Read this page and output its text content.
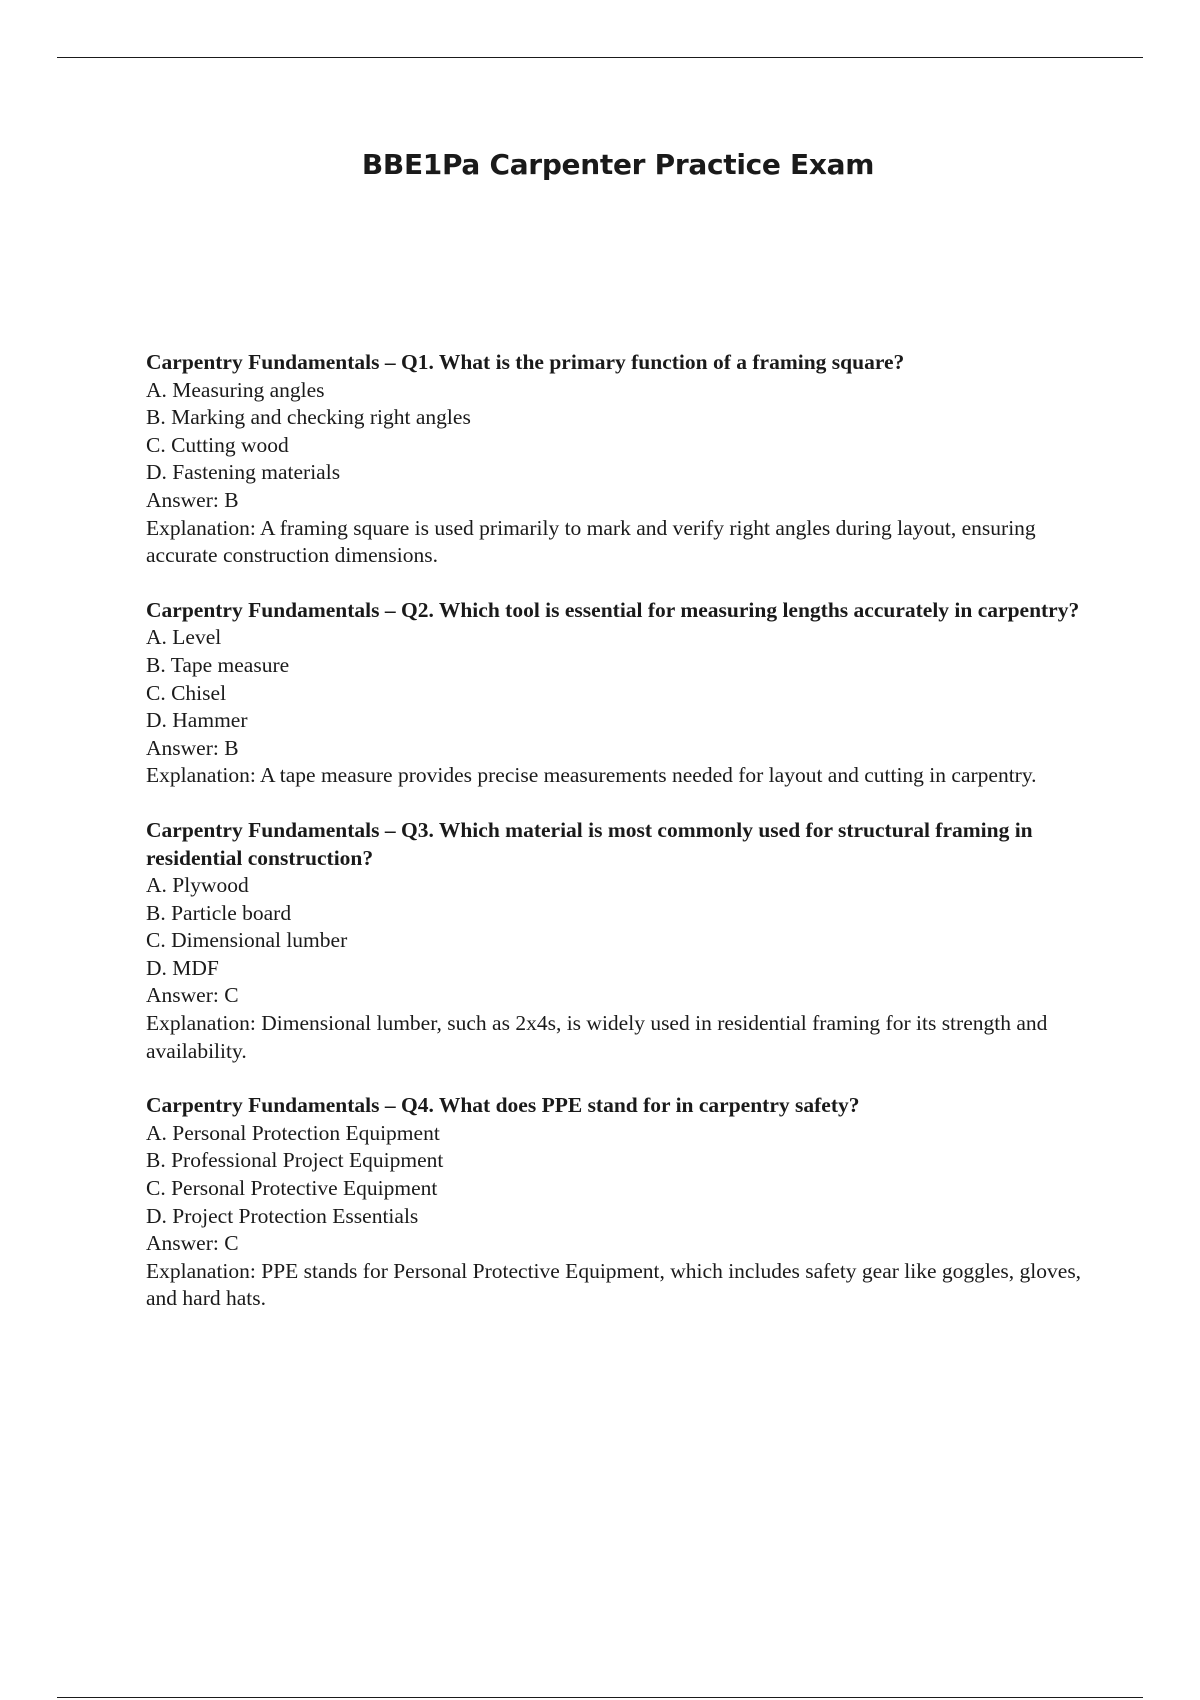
BBE1Pa Carpenter Practice Exam

Carpentry Fundamentals – Q1. What is the primary function of a framing square?

A. Measuring angles

B. Marking and checking right angles

C. Cutting wood

D. Fastening materials

Answer: B

Explanation: A framing square is used primarily to mark and verify right angles during layout, ensuring accurate construction dimensions.

Carpentry Fundamentals – Q2. Which tool is essential for measuring lengths accurately in carpentry?

A. Level

B. Tape measure

C. Chisel

D. Hammer

Answer: B

Explanation: A tape measure provides precise measurements needed for layout and cutting in carpentry.

Carpentry Fundamentals – Q3. Which material is most commonly used for structural framing in residential construction?

A. Plywood

B. Particle board

C. Dimensional lumber

D. MDF

Answer: C

Explanation: Dimensional lumber, such as 2x4s, is widely used in residential framing for its strength and availability.

Carpentry Fundamentals – Q4. What does PPE stand for in carpentry safety?

A. Personal Protection Equipment

B. Professional Project Equipment

C. Personal Protective Equipment

D. Project Protection Essentials

Answer: C

Explanation: PPE stands for Personal Protective Equipment, which includes safety gear like goggles, gloves, and hard hats.
